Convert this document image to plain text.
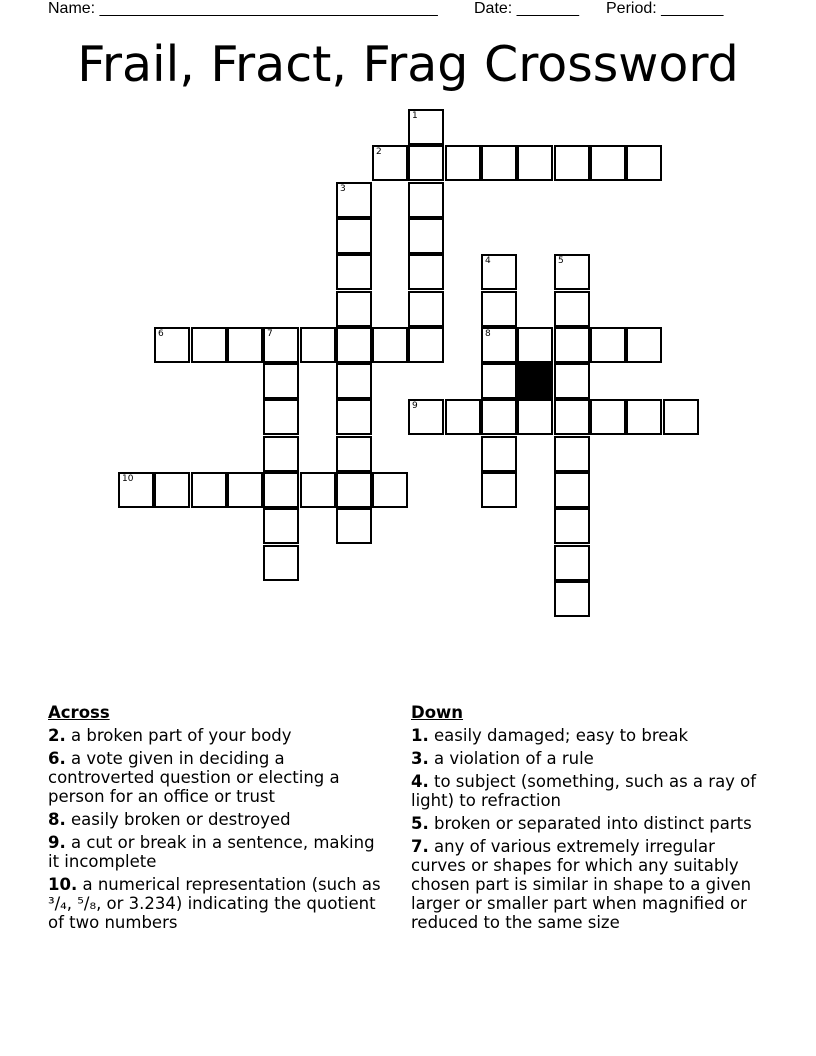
Name: ______________________________________ Date: _______ Period: _______
Frail, Fract, Frag Crossword
1
2
3
4
8
5
6	7
9
10
Across
2. a broken part of your body
6. a vote given in deciding a controverted question or electing a person for an office or trust
8. easily broken or destroyed
9. a cut or break in a sentence, making it incomplete
10. a numerical representation (such as ³/₄, ⁵/₈, or 3.234) indicating the quotient of two numbers
Down
1. easily damaged; easy to break
3. a violation of a rule
4. to subject (something, such as a ray of light) to refraction
5. broken or separated into distinct parts
7. any of various extremely irregular curves or shapes for which any suitably chosen part is similar in shape to a given larger or smaller part when magnified or reduced to the same size
